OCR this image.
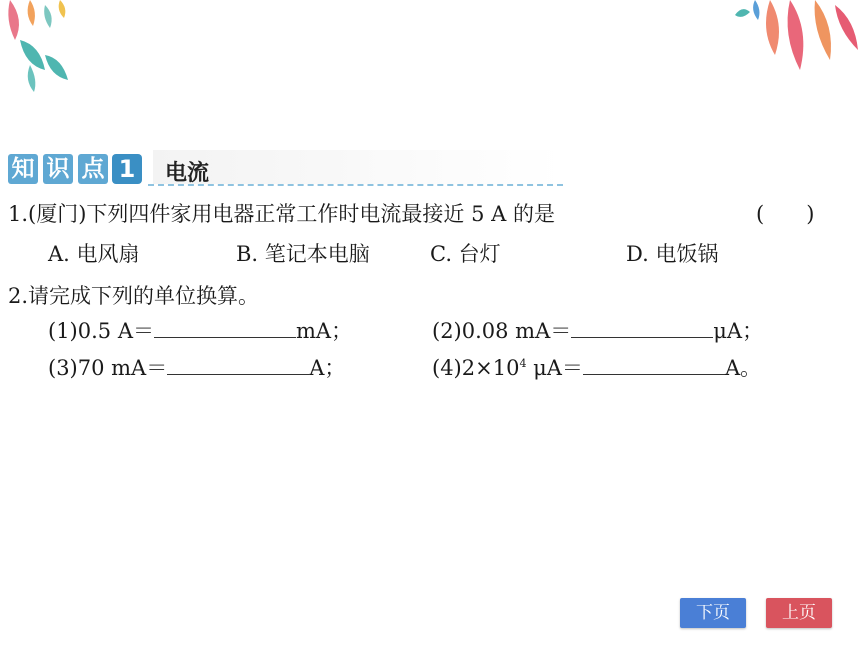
知 识 点 1	电流
1.(厦门)下列四件家用电器正常工作时电流最接近 5 A 的是	(　　)
A. 电风扇	B. 笔记本电脑	C. 台灯	D. 电饭锅
2.请完成下列的单位换算。
(1)0.5 A＝	mA；	(2)0.08 mA＝	μA；
(3)70 mA＝	A；	$(4)2\times 10^4$ μA＝	A。
下页	上页
